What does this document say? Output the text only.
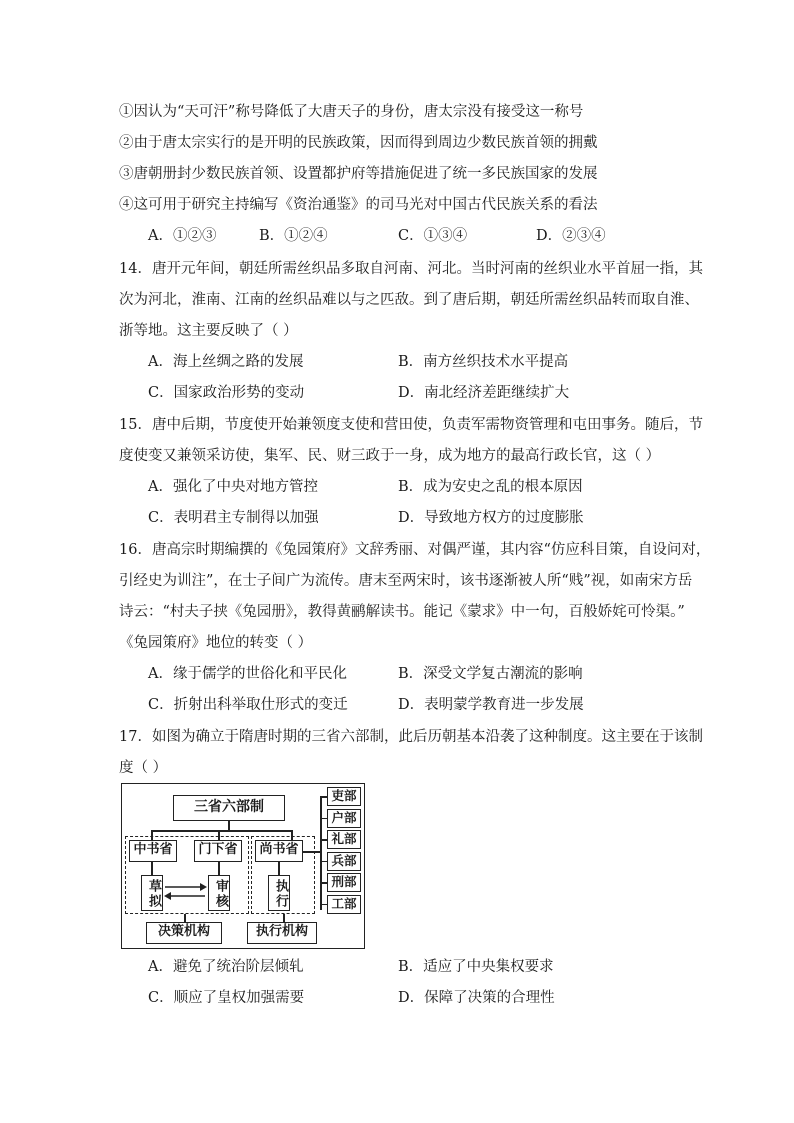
①因认为“天可汗”称号降低了大唐天子的身份，唐太宗没有接受这一称号
②由于唐太宗实行的是开明的民族政策，因而得到周边少数民族首领的拥戴
③唐朝册封少数民族首领、设置都护府等措施促进了统一多民族国家的发展
④这可用于研究主持编写《资治通鉴》的司马光对中国古代民族关系的看法
A．①②③	B．①②④	C．①③④	D．②③④
14．唐开元年间，朝廷所需丝织品多取自河南、河北。当时河南的丝织业水平首屈一指，其
次为河北，淮南、江南的丝织品难以与之匹敌。到了唐后期，朝廷所需丝织品转而取自淮、
浙等地。这主要反映了（ ）
A．海上丝绸之路的发展	B．南方丝织技术水平提高
C．国家政治形势的变动	D．南北经济差距继续扩大
15．唐中后期，节度使开始兼领度支使和营田使，负责军需物资管理和屯田事务。随后，节
度使变又兼领采访使，集军、民、财三政于一身，成为地方的最高行政长官，这（ ）
A．强化了中央对地方管控	B．成为安史之乱的根本原因
C．表明君主专制得以加强	D．导致地方权方的过度膨胀
16．唐高宗时期编撰的《兔园策府》文辞秀丽、对偶严谨，其内容“仿应科目策，自设问对，
引经史为训注”，在士子间广为流传。唐末至两宋时，该书逐渐被人所“贱”视，如南宋方岳
诗云：“村夫子挟《兔园册》，教得黄鹂解读书。能记《蒙求》中一句，百般娇姹可怜渠。”
《兔园策府》地位的转变（ ）
A．缘于儒学的世俗化和平民化	B．深受文学复古潮流的影响
C．折射出科举取仕形式的变迁	D．表明蒙学教育进一步发展
17．如图为确立于隋唐时期的三省六部制，此后历朝基本沿袭了这种制度。这主要在于该制
度（ ）
三省六部制
中书省	门下省	尚书省
草拟	审核	执行
决策机构	执行机构
吏部
户部
礼部
兵部
刑部
工部
A．避免了统治阶层倾轧	B．适应了中央集权要求
C．顺应了皇权加强需要	D．保障了决策的合理性
